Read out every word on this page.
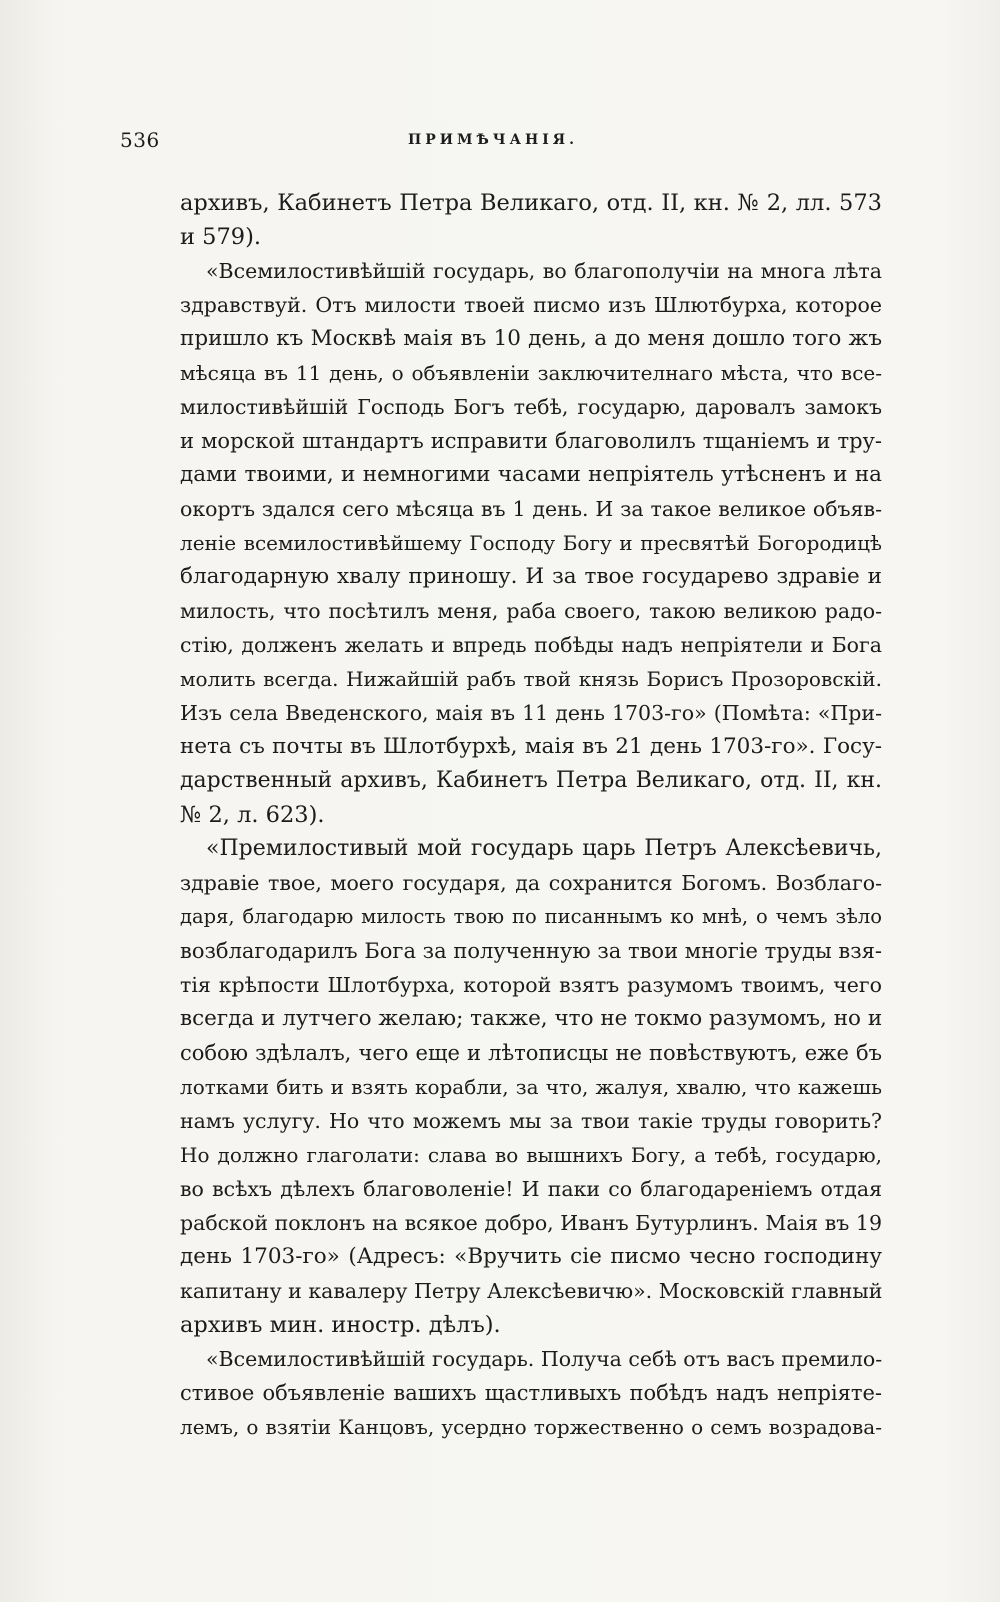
536	ПРИМѢЧАНІЯ.
архивъ, Кабинетъ Петра Великаго, отд. II, кн. № 2, лл. 573
и 579).
«Всемилостивѣйшій государь, во благополучіи на многа лѣта
здравствуй. Отъ милости твоей писмо изъ Шлютбурха, которое
пришло къ Москвѣ маія въ 10 день, а до меня дошло того жъ
мѣсяца въ 11 день, о объявленіи заключителнаго мѣста, что все-
милостивѣйшій Господь Богъ тебѣ, государю, даровалъ замокъ
и морской штандартъ исправити благоволилъ тщаніемъ и тру-
дами твоими, и немногими часами непріятель утѣсненъ и на
окортъ здался сего мѣсяца въ 1 день. И за такое великое объяв-
леніе всемилостивѣйшему Господу Богу и пресвятѣй Богородицѣ
благодарную хвалу приношу. И за твое государево здравіе и
милость, что посѣтилъ меня, раба своего, такою великою радо-
стію, долженъ желать и впредь побѣды надъ непріятели и Бога
молить всегда. Нижайшій рабъ твой князь Борисъ Прозоровскій.
Изъ села Введенского, маія въ 11 день 1703-го» (Помѣта: «При-
нета съ почты въ Шлотбурхѣ, маія въ 21 день 1703-го». Госу-
дарственный архивъ, Кабинетъ Петра Великаго, отд. II, кн.
№ 2, л. 623).
«Премилостивый мой государь царь Петръ Алексѣевичь,
здравіе твое, моего государя, да сохранится Богомъ. Возблаго-
даря, благодарю милость твою по писаннымъ ко мнѣ, о чемъ зѣло
возблагодарилъ Бога за полученную за твои многіе труды взя-
тія крѣпости Шлотбурха, которой взятъ разумомъ твоимъ, чего
всегда и лутчего желаю; также, что не токмо разумомъ, но и
собою здѣлалъ, чего еще и лѣтописцы не повѣствуютъ, еже бъ
лотками бить и взять корабли, за что, жалуя, хвалю, что кажешь
намъ услугу. Но что можемъ мы за твои такіе труды говорить?
Но должно глаголати: слава во вышнихъ Богу, а тебѣ, государю,
во всѣхъ дѣлехъ благоволеніе! И паки со благодареніемъ отдая
рабской поклонъ на всякое добро, Иванъ Бутурлинъ. Маія въ 19
день 1703-го» (Адресъ: «Вручить сіе писмо чесно господину
капитану и кавалеру Петру Алексѣевичю». Московскій главный
архивъ мин. иностр. дѣлъ).
«Всемилостивѣйшій государь. Получа себѣ отъ васъ премило-
стивое объявленіе вашихъ щастливыхъ побѣдъ надъ непріяте-
лемъ, о взятіи Канцовъ, усердно торжественно о семъ возрадова-
